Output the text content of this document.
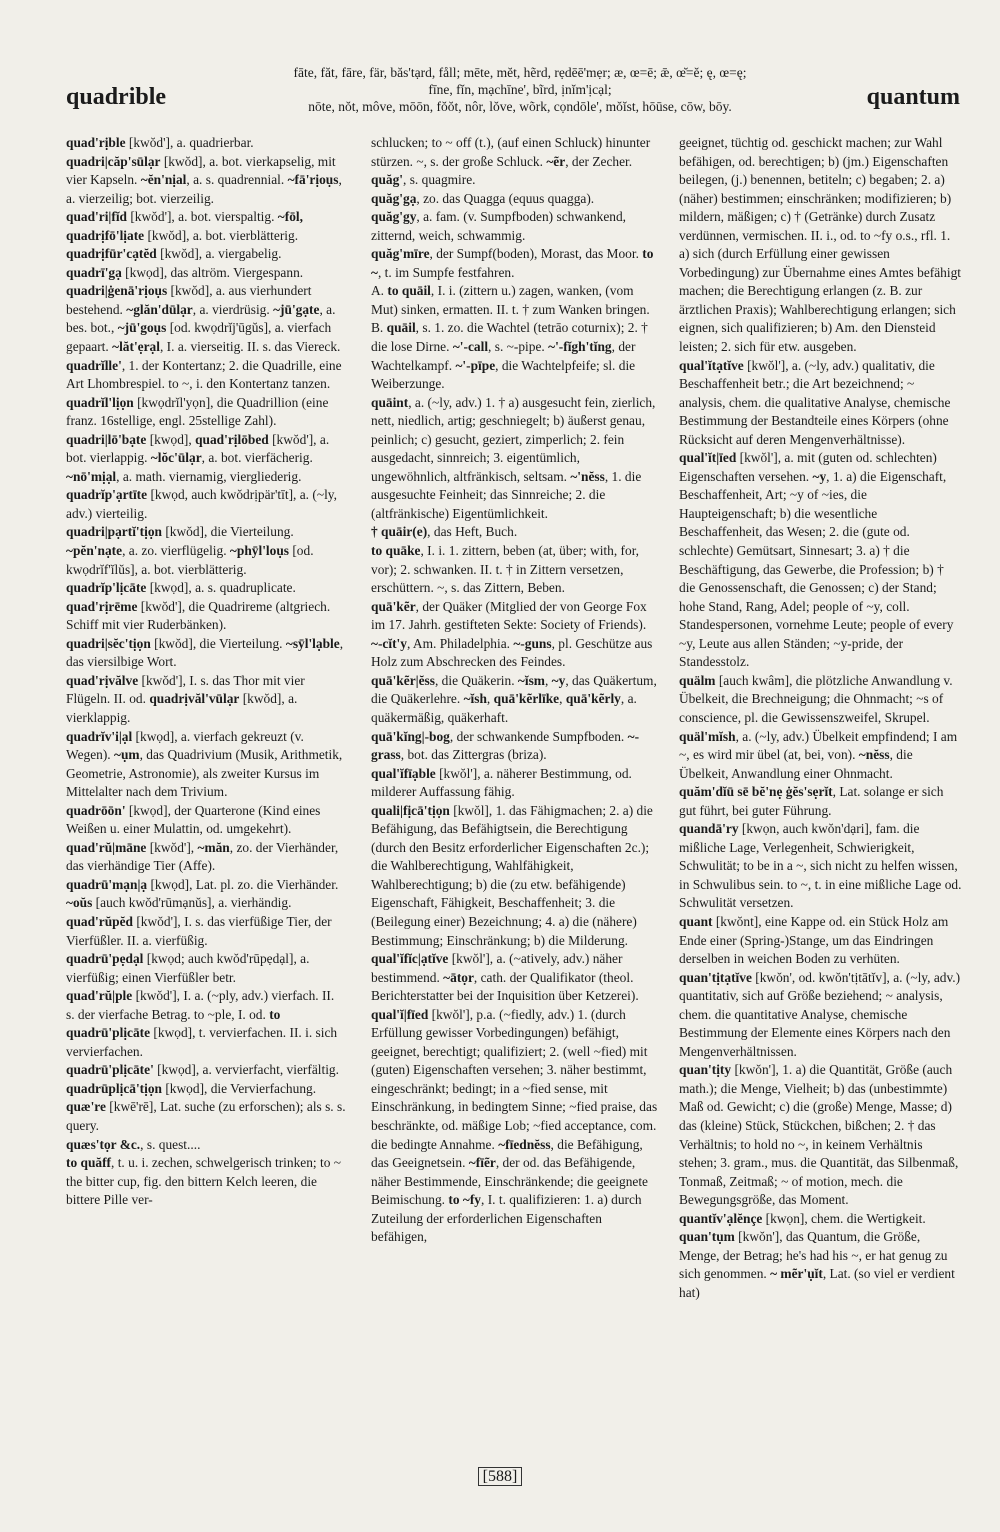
quadrible
fāte, făt, fāre, fär, băs'tạrd, fåll; mēte, mĕt, hẽrd, rẹdēē'mẹr; æ, œ=ē; ǣ, œ̆=ĕ; ę, œ=ę;
fīne, fĭn, mạchīne', bĩrd, ịnĭm'ịcạl;
nōte, nŏt, môve, mōōn, fŏŏt, nôr, lŏve, wõrk, cọndōle', mŏĭst, hōūse, cōw, bōy.	quantum

quad'rịble [kwŏd'], a. quadrierbar.

quadri|căp'sūlạr [kwŏd], a. bot. vierkapselig, mit vier Kapseln. ~ĕn'nịal, a. s. quadrennial. ~fā'rịoụs, a. vierzeilig; bot. vierzeilig.

quad'ri|fĭd [kwŏd'], a. bot. vierspaltig. ~fōl, quadrịfō'lịate [kwŏd], a. bot. vierblätterig.

quadrịfūr'cạtĕd [kwŏd], a. viergabelig.

quadrī'gạ [kwọd], das altröm. Viergespann.

quadri|ġenā'rịoụs [kwŏd], a. aus vierhundert bestehend. ~glăn'dūlạr, a. vierdrüsig. ~jū'gạte, a. bes. bot., ~jū'goụs [od. kwọdrĭj'ūgŭs], a. vierfach gepaart. ~lăt'ẹrạl, I. a. vierseitig. II. s. das Viereck.

quadrĭlle', 1. der Kontertanz; 2. die Quadrille, eine Art Lhombrespiel. to ~, i. den Kontertanz tanzen.

quadrĭl'lịọn [kwọdrĭl'yọn], die Quadrillion (eine franz. 16stellige, engl. 25stellige Zahl).

quadri|lō'bạte [kwọd], quad'rịlōbed [kwŏd'], a. bot. vierlappig. ~lŏc'ūlạr, a. bot. vierfächerig. ~nō'mịạl, a. math. viernamig, viergliederig.

quadrĭp'ạrtīte [kwọd, auch kwŏdrịpär'tīt], a. (~ly, adv.) vierteilig.

quadri|pạrtĭ'tịọn [kwŏd], die Vierteilung. ~pĕn'nạte, a. zo. vierflügelig. ~phȳl'loụs [od. kwọdrĭf'ĭlŭs], a. bot. vierblätterig.

quadrĭp'lịcāte [kwọd], a. s. quadruplicate.

quad'rịrēme [kwŏd'], die Quadrireme (altgriech. Schiff mit vier Ruderbänken).

quadri|sĕc'tịọn [kwŏd], die Vierteilung. ~sȳl'lạble, das viersilbige Wort.

quad'rịvălve [kwŏd'], I. s. das Thor mit vier Flügeln. II. od. quadrịvăl'vūlạr [kwŏd], a. vierklappig.

quadrĭv'i|ạl [kwọd], a. vierfach gekreuzt (v. Wegen). ~ụm, das Quadrivium (Musik, Arithmetik, Geometrie, Astronomie), als zweiter Kursus im Mittelalter nach dem Trivium.

quadrōōn' [kwọd], der Quarterone (Kind eines Weißen u. einer Mulattin, od. umgekehrt).

quad'rŭ|māne [kwŏd'], ~măn, zo. der Vierhänder, das vierhändige Tier (Affe).

quadrū'mạn|ạ [kwọd], Lat. pl. zo. die Vierhänder. ~oŭs [auch kwŏd'rūmạnŭs], a. vierhändig.

quad'rŭpĕd [kwŏd'], I. s. das vierfüßige Tier, der Vierfüßler. II. a. vierfüßig.

quadrū'pẹdạl [kwọd; auch kwŏd'rūpẹdạl], a. vierfüßig; einen Vierfüßler betr.

quad'rŭ|ple [kwŏd'], I. a. (~ply, adv.) vierfach. II. s. der vierfache Betrag. to ~ple, I. od. to quadrū'plịcāte [kwọd], t. vervierfachen. II. i. sich vervierfachen.

quadrū'plịcāte' [kwọd], a. vervierfacht, vierfältig.

quadrūplịcā'tịọn [kwọd], die Vervierfachung.

quæ're [kwē'rē], Lat. suche (zu erforschen); als s. s. query.

quæs'tọr &c., s. quest....

to quăff, t. u. i. zechen, schwelgerisch trinken; to ~ the bitter cup, fig. den bittern Kelch leeren, die bittere Pille ver-

schlucken; to ~ off (t.), (auf einen Schluck) hinunter stürzen. ~, s. der große Schluck. ~ẽr, der Zecher.

quăg', s. quagmire.

quăg'gạ, zo. das Quagga (equus quagga).

quăg'gy, a. fam. (v. Sumpfboden) schwankend, zitternd, weich, schwammig.

quăg'mīre, der Sumpf(boden), Morast, das Moor. to ~, t. im Sumpfe festfahren.

A. to quāil, I. i. (zittern u.) zagen, wanken, (vom Mut) sinken, ermatten. II. t. † zum Wanken bringen.

B. quāil, s. 1. zo. die Wachtel (tetrāo coturnix); 2. † die lose Dirne. ~'-call, s. ~-pipe. ~'-fĭgh'tĭng, der Wachtelkampf. ~'-pīpe, die Wachtelpfeife; sl. die Weiberzunge.

quāint, a. (~ly, adv.) 1. † a) ausgesucht fein, zierlich, nett, niedlich, artig; geschniegelt; b) äußerst genau, peinlich; c) gesucht, geziert, zimperlich; 2. fein ausgedacht, sinnreich; 3. eigentümlich, ungewöhnlich, altfränkisch, seltsam. ~'nĕss, 1. die ausgesuchte Feinheit; das Sinnreiche; 2. die (altfränkische) Eigentümlichkeit.

† quāir(e), das Heft, Buch.

to quāke, I. i. 1. zittern, beben (at, über; with, for, vor); 2. schwanken. II. t. † in Zittern versetzen, erschüttern. ~, s. das Zittern, Beben.

quā'kẽr, der Quäker (Mitglied der von George Fox im 17. Jahrh. gestifteten Sekte: Society of Friends). ~-cĭt'y, Am. Philadelphia. ~-guns, pl. Geschütze aus Holz zum Abschrecken des Feindes.

quā'kẽr|ĕss, die Quäkerin. ~ĭsm, ~y, das Quäkertum, die Quäkerlehre. ~ĭsh, quā'kẽrlīke, quā'kẽrly, a. quäkermäßig, quäkerhaft.

quā'kĭng|-bog, der schwankende Sumpfboden. ~-grass, bot. das Zittergras (briza).

qual'ĭfīạble [kwŏl'], a. näherer Bestimmung, od. milderer Auffassung fähig.

quali|fịcā'tịọn [kwŏl], 1. das Fähigmachen; 2. a) die Befähigung, das Befähigtsein, die Berechtigung (durch den Besitz erforderlicher Eigenschaften 2c.); die Wahlberechtigung, Wahlfähigkeit, Wahlberechtigung; b) die (zu etw. befähigende) Eigenschaft, Fähigkeit, Beschaffenheit; 3. die (Beilegung einer) Bezeichnung; 4. a) die (nähere) Bestimmung; Einschränkung; b) die Milderung.

qual'ĭfĭc|ạtĭve [kwŏl'], a. (~atively, adv.) näher bestimmend. ~ātọr, cath. der Qualifikator (theol. Berichterstatter bei der Inquisition über Ketzerei).

qual'ĭ|fīed [kwŏl'], p.a. (~fiedly, adv.) 1. (durch Erfüllung gewisser Vorbedingungen) befähigt, geeignet, berechtigt; qualifiziert; 2. (well ~fied) mit (guten) Eigenschaften versehen; 3. näher bestimmt, eingeschränkt; bedingt; in a ~fied sense, mit Einschränkung, in bedingtem Sinne; ~fied praise, das beschränkte, od. mäßige Lob; ~fied acceptance, com. die bedingte Annahme. ~fīednĕss, die Befähigung, das Geeignetsein. ~fīẽr, der od. das Befähigende, näher Bestimmende, Einschränkende; die geeignete Beimischung. to ~fy, I. t. qualifizieren: 1. a) durch Zuteilung der erforderlichen Eigenschaften befähigen,

geeignet, tüchtig od. geschickt machen; zur Wahl befähigen, od. berechtigen; b) (jm.) Eigenschaften beilegen, (j.) benennen, betiteln; c) begaben; 2. a) (näher) bestimmen; einschränken; modifizieren; b) mildern, mäßigen; c) † (Getränke) durch Zusatz verdünnen, vermischen. II. i., od. to ~fy o.s., rfl. 1. a) sich (durch Erfüllung einer gewissen Vorbedingung) zur Übernahme eines Amtes befähigt machen; die Berechtigung erlangen (z. B. zur ärztlichen Praxis); Wahlberechtigung erlangen; sich eignen, sich qualifizieren; b) Am. den Diensteid leisten; 2. sich für etw. ausgeben.

qual'ĭtạtĭve [kwŏl'], a. (~ly, adv.) qualitativ, die Beschaffenheit betr.; die Art bezeichnend; ~ analysis, chem. die qualitative Analyse, chemische Bestimmung der Bestandteile eines Körpers (ohne Rücksicht auf deren Mengenverhältnisse).

qual'ĭt|īed [kwŏl'], a. mit (guten od. schlechten) Eigenschaften versehen. ~y, 1. a) die Eigenschaft, Beschaffenheit, Art; ~y of ~ies, die Haupteigenschaft; b) die wesentliche Beschaffenheit, das Wesen; 2. die (gute od. schlechte) Gemütsart, Sinnesart; 3. a) † die Beschäftigung, das Gewerbe, die Profession; b) † die Genossenschaft, die Genossen; c) der Stand; hohe Stand, Rang, Adel; people of ~y, coll. Standespersonen, vornehme Leute; people of every ~y, Leute aus allen Ständen; ~y-pride, der Standesstolz.

quälm [auch kwâm], die plötzliche Anwandlung v. Übelkeit, die Brechneigung; die Ohnmacht; ~s of conscience, pl. die Gewissenszweifel, Skrupel.

quäl'mĭsh, a. (~ly, adv.) Übelkeit empfindend; I am ~, es wird mir übel (at, bei, von). ~nĕss, die Übelkeit, Anwandlung einer Ohnmacht.

quăm'dĭū sē bĕ'nẹ ġĕs'sẹrĭt, Lat. solange er sich gut führt, bei guter Führung.

quandā'ry [kwọn, auch kwŏn'dạri], fam. die mißliche Lage, Verlegenheit, Schwierigkeit, Schwulität; to be in a ~, sich nicht zu helfen wissen, in Schwulibus sein. to ~, t. in eine mißliche Lage od. Schwulität versetzen.

quant [kwŏnt], eine Kappe od. ein Stück Holz am Ende einer (Spring-)Stange, um das Eindringen derselben in weichen Boden zu verhüten.

quan'tịtạtĭve [kwŏn', od. kwŏn'tịtātĭv], a. (~ly, adv.) quantitativ, sich auf Größe beziehend; ~ analysis, chem. die quantitative Analyse, chemische Bestimmung der Elemente eines Körpers nach den Mengenverhältnissen.

quan'tịty [kwŏn'], 1. a) die Quantität, Größe (auch math.); die Menge, Vielheit; b) das (unbestimmte) Maß od. Gewicht; c) die (große) Menge, Masse; d) das (kleine) Stück, Stückchen, bißchen; 2. † das Verhältnis; to hold no ~, in keinem Verhältnis stehen; 3. gram., mus. die Quantität, das Silbenmaß, Tonmaß, Zeitmaß; ~ of motion, mech. die Bewegungsgröße, das Moment.

quantĭv'ạlĕnçe [kwọn], chem. die Wertigkeit.

quan'tụm [kwŏn'], das Quantum, die Größe, Menge, der Betrag; he's had his ~, er hat genug zu sich genommen. ~ mẽr'ụĭt, Lat. (so viel er verdient hat)

[588]
